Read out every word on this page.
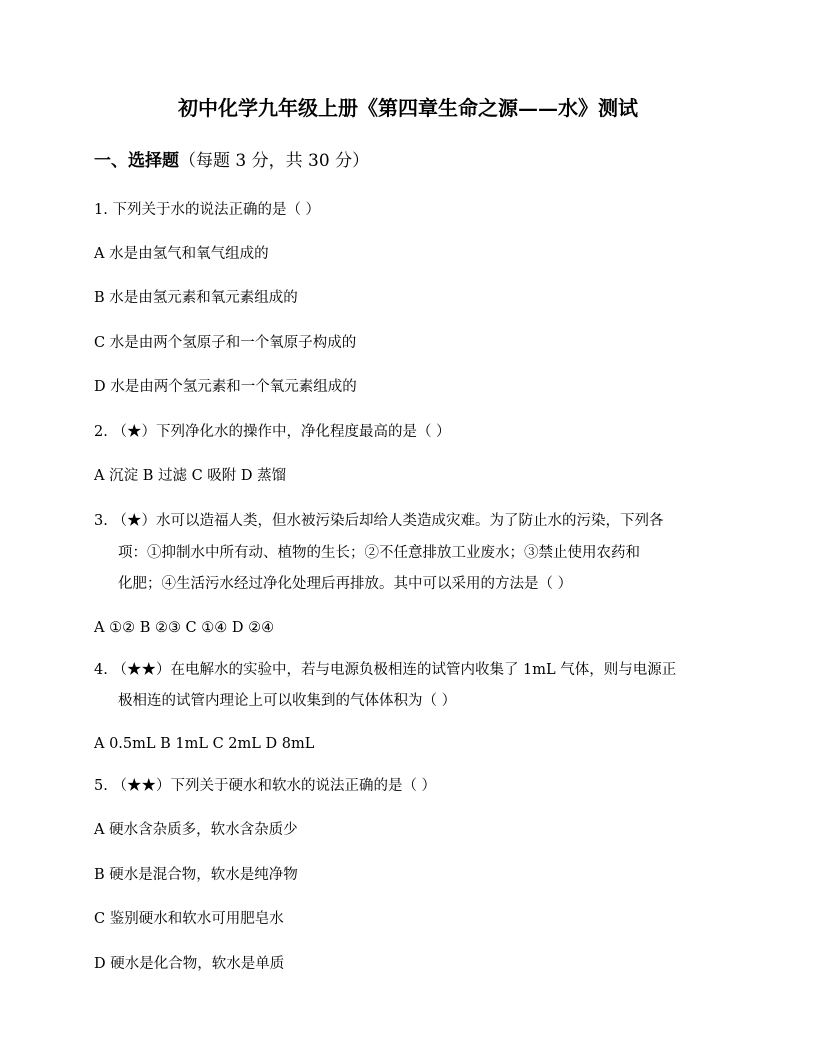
初中化学九年级上册《第四章生命之源——水》测试
一、选择题（每题 3 分，共 30 分）
1. 下列关于水的说法正确的是（ ）
A 水是由氢气和氧气组成的
B 水是由氢元素和氧元素组成的
C 水是由两个氢原子和一个氧原子构成的
D 水是由两个氢元素和一个氧元素组成的
2. （★）下列净化水的操作中，净化程度最高的是（ ）
A 沉淀 B 过滤 C 吸附 D 蒸馏
3. （★）水可以造福人类，但水被污染后却给人类造成灾难。为了防止水的污染，下列各
项：①抑制水中所有动、植物的生长；②不任意排放工业废水；③禁止使用农药和
化肥；④生活污水经过净化处理后再排放。其中可以采用的方法是（ ）
A ①② B ②③ C ①④ D ②④
4. （★★）在电解水的实验中，若与电源负极相连的试管内收集了 1mL 气体，则与电源正
极相连的试管内理论上可以收集到的气体体积为（ ）
A 0.5mL B 1mL C 2mL D 8mL
5. （★★）下列关于硬水和软水的说法正确的是（ ）
A 硬水含杂质多，软水含杂质少
B 硬水是混合物，软水是纯净物
C 鉴别硬水和软水可用肥皂水
D 硬水是化合物，软水是单质
